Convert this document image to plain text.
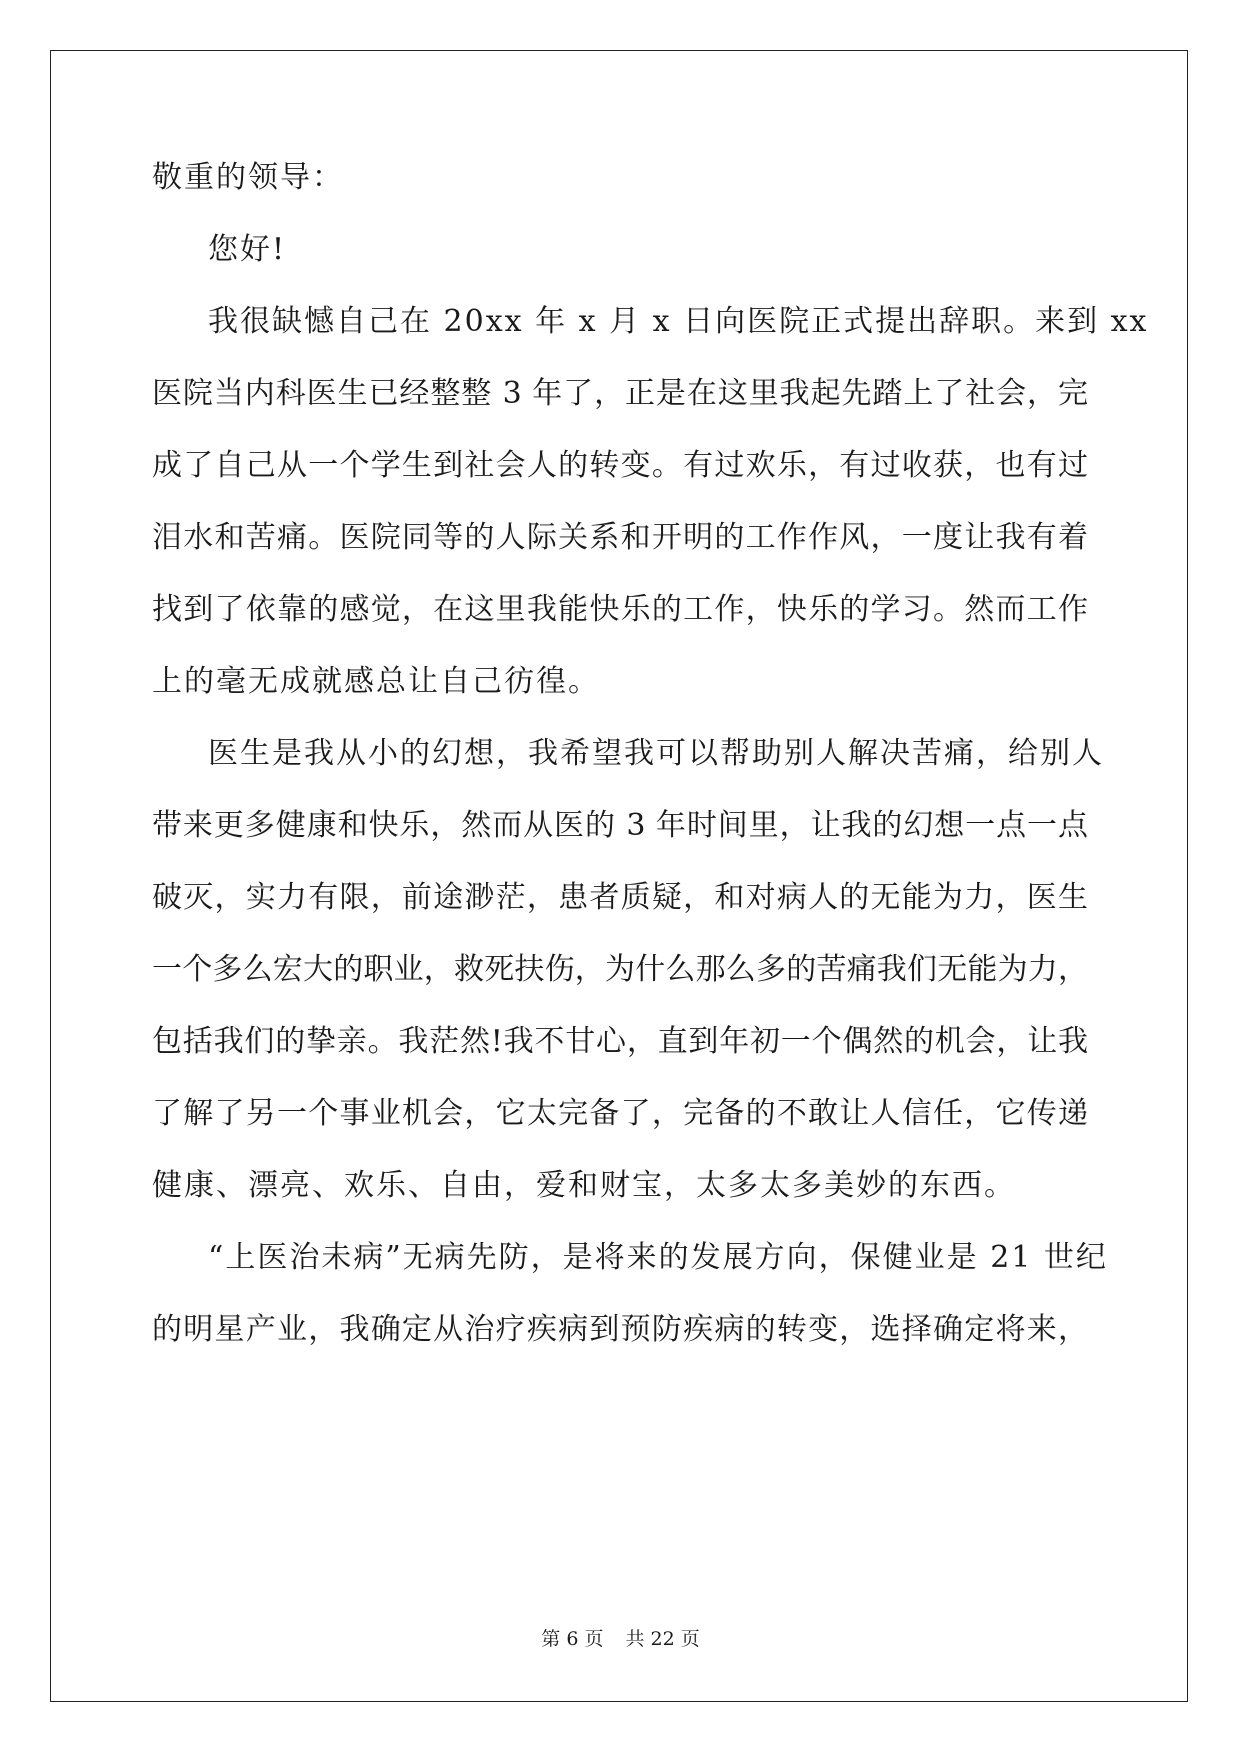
敬重的领导：
您好!
我很缺憾自己在 20xx 年 x 月 x 日向医院正式提出辞职。来到 xx
医院当内科医生已经整整 3 年了，正是在这里我起先踏上了社会，完
成了自己从一个学生到社会人的转变。有过欢乐，有过收获，也有过
泪水和苦痛。医院同等的人际关系和开明的工作作风，一度让我有着
找到了依靠的感觉，在这里我能快乐的工作，快乐的学习。然而工作
上的毫无成就感总让自己彷徨。
医生是我从小的幻想，我希望我可以帮助别人解决苦痛，给别人
带来更多健康和快乐，然而从医的 3 年时间里，让我的幻想一点一点
破灭，实力有限，前途渺茫，患者质疑，和对病人的无能为力，医生
一个多么宏大的职业，救死扶伤，为什么那么多的苦痛我们无能为力，
包括我们的挚亲。我茫然!我不甘心，直到年初一个偶然的机会，让我
了解了另一个事业机会，它太完备了，完备的不敢让人信任，它传递
健康、漂亮、欢乐、自由，爱和财宝，太多太多美妙的东西。
“上医治未病”无病先防，是将来的发展方向，保健业是 21 世纪
的明星产业，我确定从治疗疾病到预防疾病的转变，选择确定将来，
第 6 页 共 22 页
